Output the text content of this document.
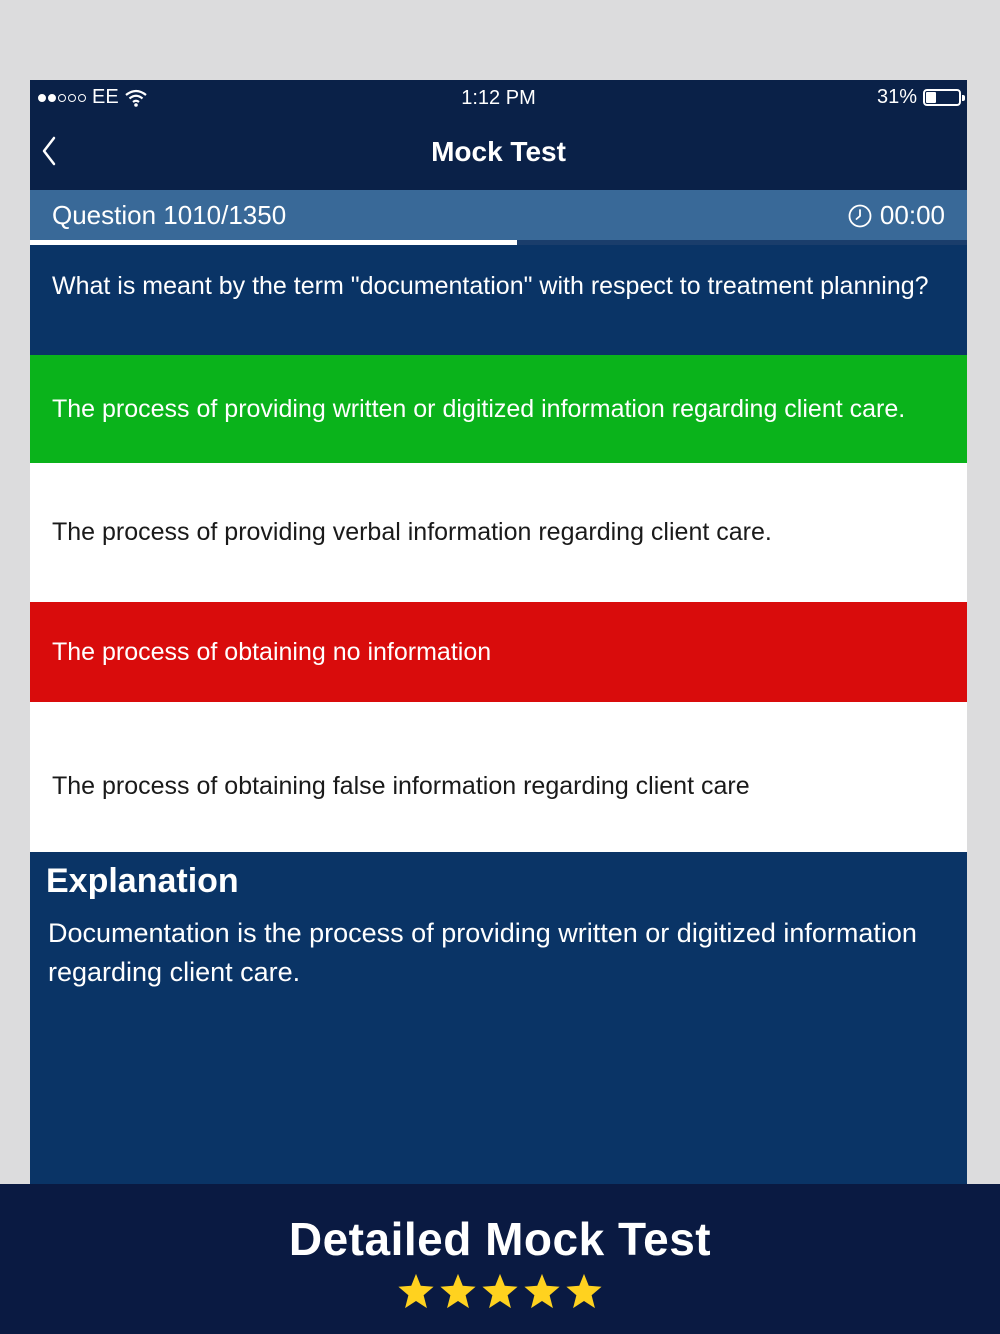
EE	1:12 PM	31%
Mock Test
Question 1010/1350	00:00
What is meant by the term "documentation" with respect to treatment planning?
The process of providing written or digitized information regarding client care.
The process of providing verbal information regarding client care.
The process of obtaining no information
The process of obtaining false information regarding client care
Explanation
Documentation is the process of providing written or digitized information regarding client care.
Detailed Mock Test
